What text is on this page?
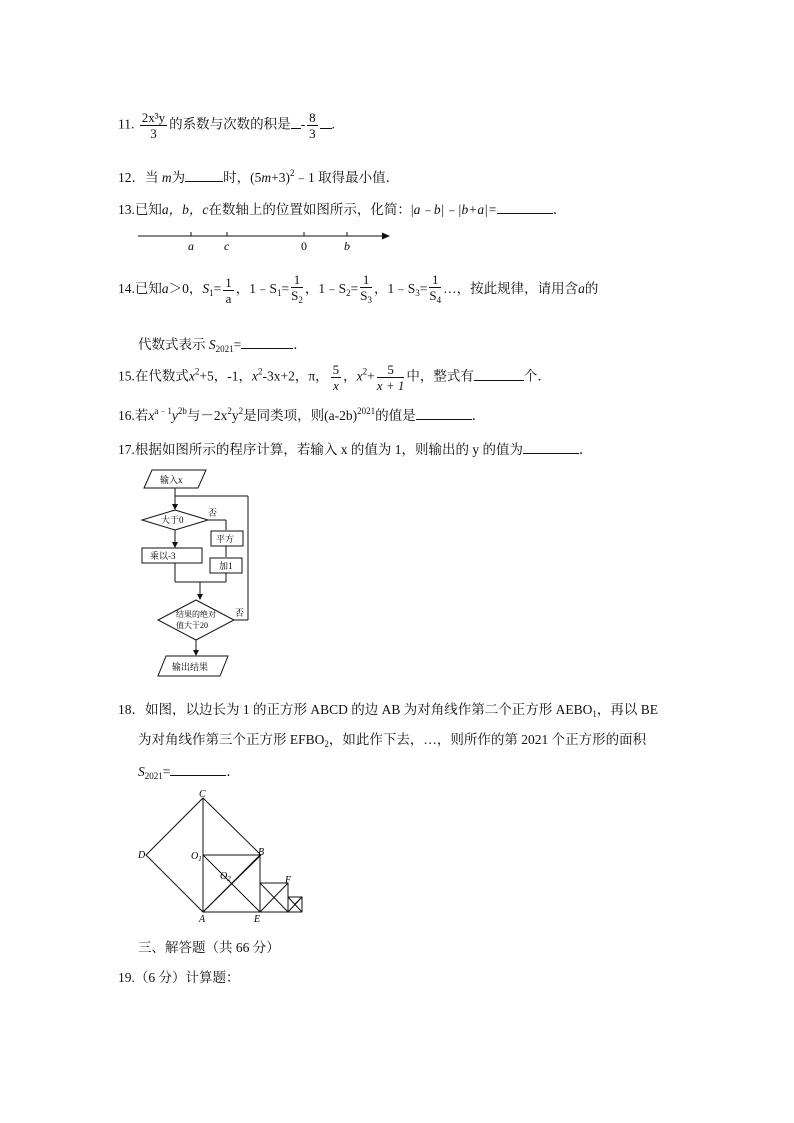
11. $\frac{\text{2x³y}}{3}$ 的系数与次数的积是 - $\frac{8}{3}$ .
12．当 m为	时，$(5m+3)^2﹣1$ 取得最小值．
13.已知a，b，c在数轴上的位置如图所示，化简：|a﹣b|﹣|b+a|=	．
a	c	0	b
14.已知a＞0，$S_1= \frac{1}{a}$ ，$1﹣S_1= \frac{1}{S_2}$ ，$1﹣S_2= \frac{1}{S_3}$ ，$1﹣S_3= \frac{1}{S_4}$ …，按此规律，请用含a的
代数式表示 $S_{2021}=$	．
15.在代数式$x^2+5$，-1，$x^2-3x+2$，π， $\frac{5}{x}$ ，$x^2+ \frac{5}{x + 1}$ 中，整式有	个．
16.若$x^{a﹣1}y^{2b}$与$-2x^2y^2$是同类项，则$(a-2b)^{2021}$的值是	．
17.根据如图所示的程序计算，若输入 x 的值为 1，则输出的 y 的值为	．
输入x
大于0
否
平方
乘以-3
加1
结果的绝对
值大于20
否
输出结果
18．如图，以边长为 1 的正方形 ABCD 的边 AB 为对角线作第二个正方形 $AEBO_1$，再以 BE
为对角线作第三个正方形 $EFBO_2$，如此作下去，…，则所作的第 2021 个正方形的面积
$S_{2021}=$	．
C
D	$O_1$
B
$O_2$	F
A	E
三、解答题（共 66 分）
19.（6 分）计算题：
